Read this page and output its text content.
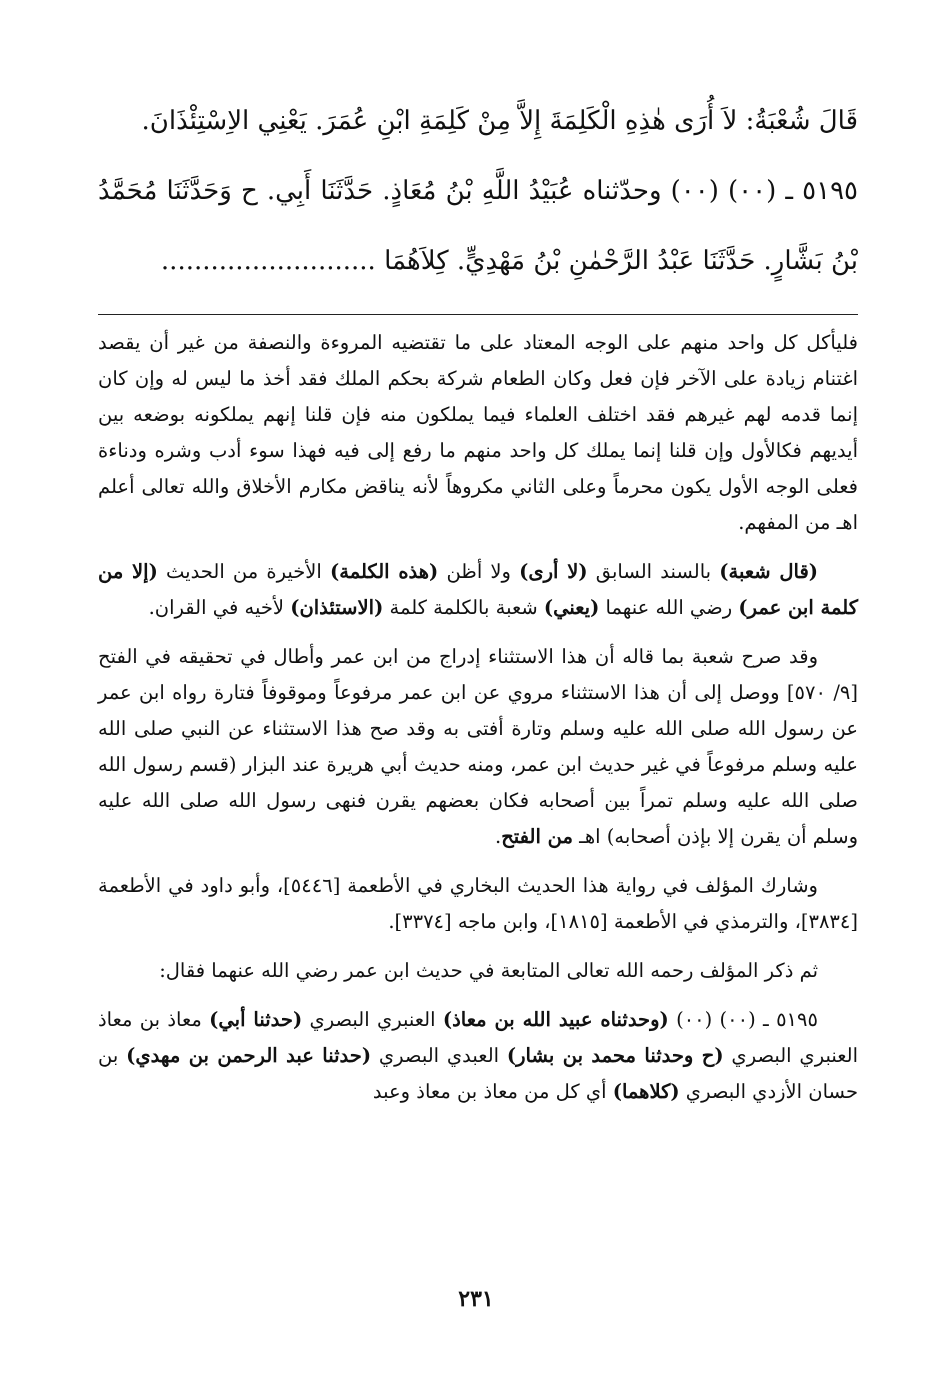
قَالَ شُعْبَةُ: لاَ أُرَى هٰذِهِ الْكَلِمَةَ إِلاَّ مِنْ كَلِمَةِ ابْنِ عُمَرَ. يَعْنِي الاِسْتِئْذَانَ.

٥١٩٥ ـ (٠٠) (٠٠) وحدّثناه عُبَيْدُ اللَّهِ بْنُ مُعَاذٍ. حَدَّثَنَا أَبِي. ح وَحَدَّثَنَا مُحَمَّدُ بْنُ بَشَّارٍ. حَدَّثَنَا عَبْدُ الرَّحْمٰنِ بْنُ مَهْدِيٍّ. كِلاَهُمَا ..........................

فليأكل كل واحد منهم على الوجه المعتاد على ما تقتضيه المروءة والنصفة من غير أن يقصد اغتنام زيادة على الآخر فإن فعل وكان الطعام شركة بحكم الملك فقد أخذ ما ليس له وإن كان إنما قدمه لهم غيرهم فقد اختلف العلماء فيما يملكون منه فإن قلنا إنهم يملكونه بوضعه بين أيديهم فكالأول وإن قلنا إنما يملك كل واحد منهم ما رفع إلى فيه فهذا سوء أدب وشره ودناءة فعلى الوجه الأول يكون محرماً وعلى الثاني مكروهاً لأنه يناقض مكارم الأخلاق والله تعالى أعلم اهـ من المفهم.

(قال شعبة) بالسند السابق (لا أرى) ولا أظن (هذه الكلمة) الأخيرة من الحديث (إلا من كلمة ابن عمر) رضي الله عنهما (يعني) شعبة بالكلمة كلمة (الاستئذان) لأخيه في القران.

وقد صرح شعبة بما قاله أن هذا الاستثناء إدراج من ابن عمر وأطال في تحقيقه في الفتح [٩/ ٥٧٠] ووصل إلى أن هذا الاستثناء مروي عن ابن عمر مرفوعاً وموقوفاً فتارة رواه ابن عمر عن رسول الله صلى الله عليه وسلم وتارة أفتى به وقد صح هذا الاستثناء عن النبي صلى الله عليه وسلم مرفوعاً في غير حديث ابن عمر، ومنه حديث أبي هريرة عند البزار (قسم رسول الله صلى الله عليه وسلم تمراً بين أصحابه فكان بعضهم يقرن فنهى رسول الله صلى الله عليه وسلم أن يقرن إلا بإذن أصحابه) اهـ من الفتح.

وشارك المؤلف في رواية هذا الحديث البخاري في الأطعمة [٥٤٤٦]، وأبو داود في الأطعمة [٣٨٣٤]، والترمذي في الأطعمة [١٨١٥]، وابن ماجه [٣٣٧٤].

ثم ذكر المؤلف رحمه الله تعالى المتابعة في حديث ابن عمر رضي الله عنهما فقال:

٥١٩٥ ـ (٠٠) (٠٠) (وحدثناه عبيد الله بن معاذ) العنبري البصري (حدثنا أبي) معاذ بن معاذ العنبري البصري (ح وحدثنا محمد بن بشار) العبدي البصري (حدثنا عبد الرحمن بن مهدي) بن حسان الأزدي البصري (كلاهما) أي كل من معاذ بن معاذ وعبد

٢٣١
